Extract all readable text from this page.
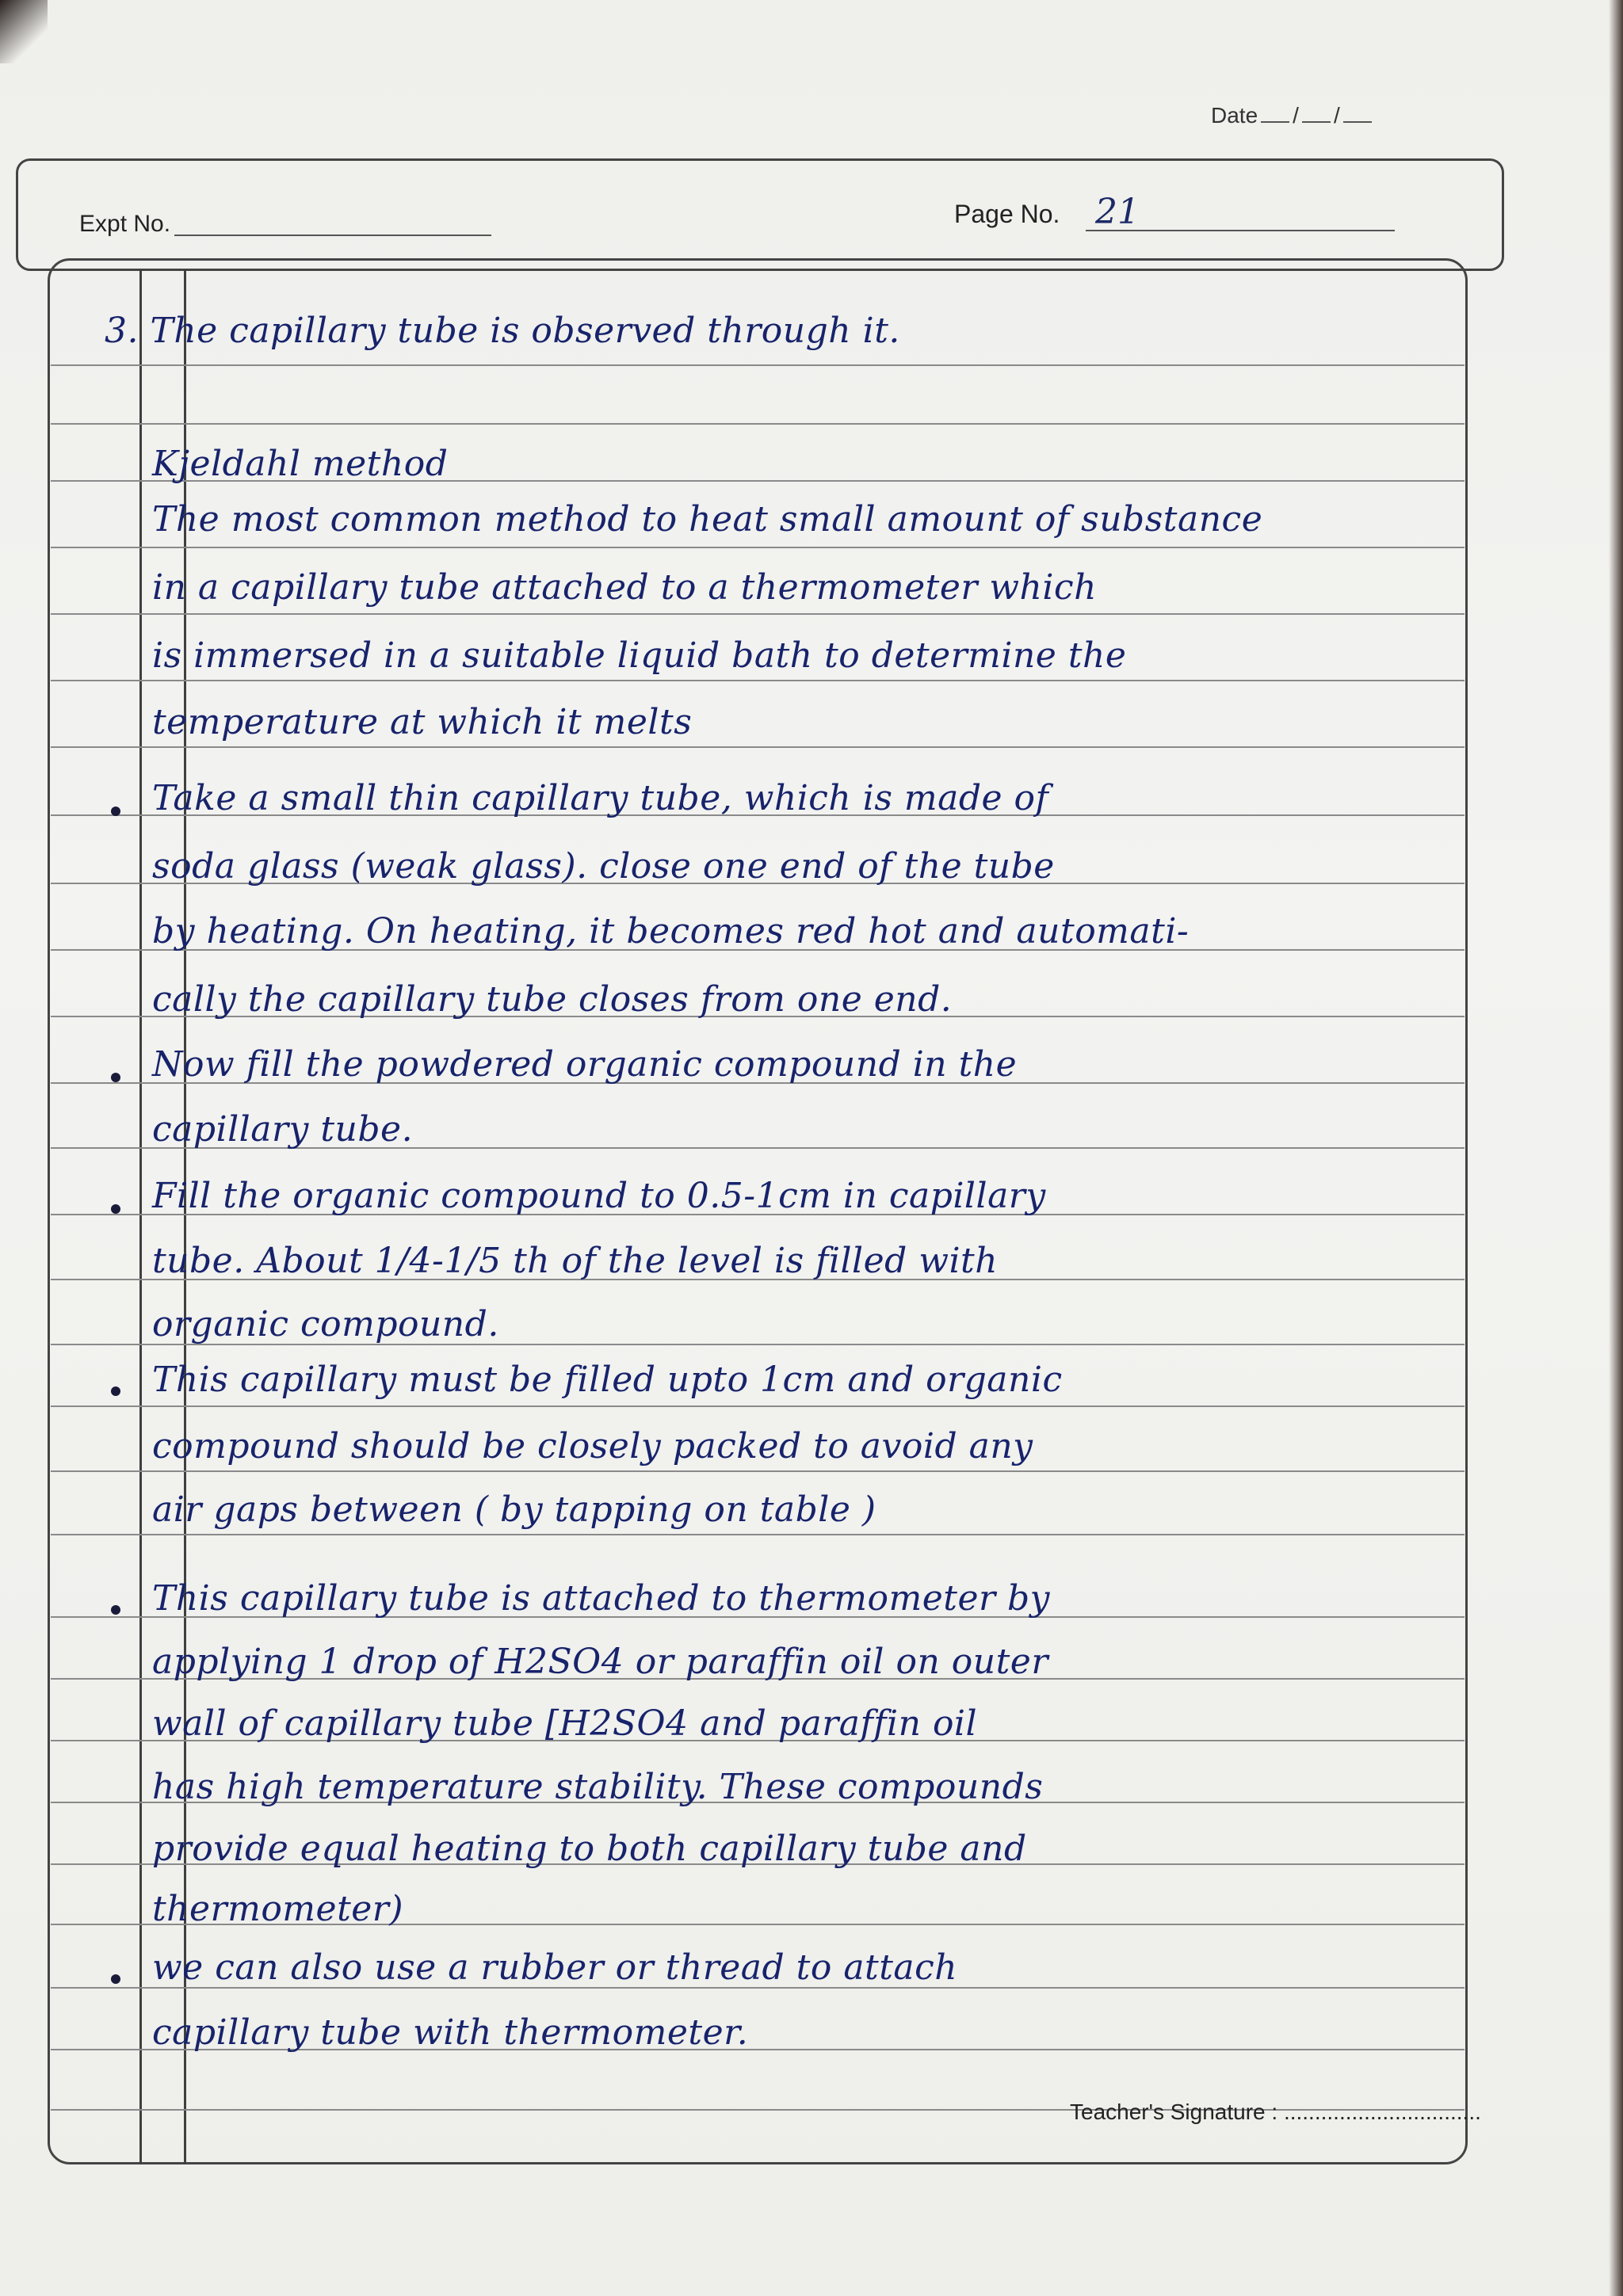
Date / /
Expt No.	Page No. 21
3. The capillary tube is observed through it.
Kjeldahl method
The most common method to heat small amount of substance
in a capillary tube attached to a thermometer which
is immersed in a suitable liquid bath to determine the
temperature at which it melts
Take a small thin capillary tube, which is made of
soda glass (weak glass). close one end of the tube
by heating. On heating, it becomes red hot and automati-
cally the capillary tube closes from one end.
Now fill the powdered organic compound in the
capillary tube.
Fill the organic compound to 0.5-1cm in capillary
tube. About 1/4-1/5 th of the level is filled with
organic compound.
This capillary must be filled upto 1cm and organic
compound should be closely packed to avoid any
air gaps between ( by tapping on table )
This capillary tube is attached to thermometer by
applying 1 drop of H2SO4 or paraffin oil on outer
wall of capillary tube [H2SO4 and paraffin oil
has high temperature stability. These compounds
provide equal heating to both capillary tube and
thermometer)
we can also use a rubber or thread to attach
capillary tube with thermometer.
Teacher's Signature : ................................
